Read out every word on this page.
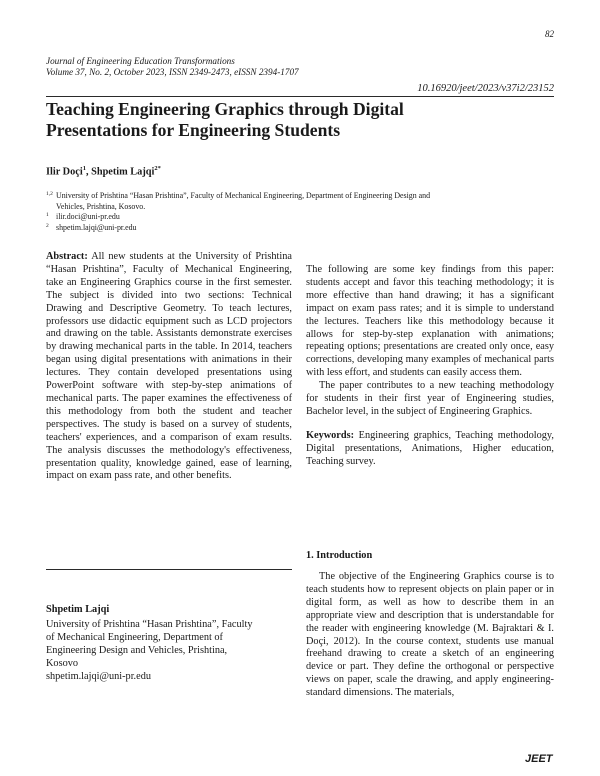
82
Journal of Engineering Education Transformations
Volume 37, No. 2, October 2023, ISSN 2349-2473, eISSN 2394-1707
10.16920/jeet/2023/v37i2/23152
Teaching Engineering Graphics through Digital
Presentations for Engineering Students
Ilir Doçi$^1$, Shpetim Lajqi$^{2*}$
1,2 University of Prishtina “Hasan Prishtina”, Faculty of Mechanical Engineering, Department of Engineering Design and
Vehicles, Prishtina, Kosovo.
1 ilir.doci@uni-pr.edu
2 shpetim.lajqi@uni-pr.edu

Abstract: All new students at the University of Prishtina “Hasan Prishtina”, Faculty of Mechanical Engineering, take an Engineering Graphics course in the first semester. The subject is divided into two sections: Technical Drawing and Descriptive Geometry. To teach lectures, professors use didactic equipment such as LCD projectors and drawing on the table. Assistants demonstrate exercises by drawing mechanical parts in the table. In 2014, teachers began using digital presentations with animations in their lectures. They contain developed presentations using PowerPoint software with step-by-step animations of mechanical parts. The paper examines the effectiveness of this methodology from both the student and teacher perspectives. The study is based on a survey of students, teachers' experiences, and a comparison of exam results. The analysis discusses the methodology's effectiveness, presentation quality, knowledge gained, ease of learning, impact on exam pass rate, and other benefits.

Shpetim Lajqi
University of Prishtina “Hasan Prishtina”, Faculty
of Mechanical Engineering, Department of
Engineering Design and Vehicles, Prishtina,
Kosovo
shpetim.lajqi@uni-pr.edu

The following are some key findings from this paper: students accept and favor this teaching methodology; it is more effective than hand drawing; it has a significant impact on exam pass rates; and it is simple to understand the lectures. Teachers like this methodology because it allows for step-by-step explanation with animations; repeating options; presentations are created only once, easy corrections, developing many examples of mechanical parts with less effort, and students can easily access them.

The paper contributes to a new teaching methodology for students in their first year of Engineering studies, Bachelor level, in the subject of Engineering Graphics.

Keywords: Engineering graphics, Teaching methodology, Digital presentations, Animations, Higher education, Teaching survey.

1. Introduction

The objective of the Engineering Graphics course is to teach students how to represent objects on plain paper or in digital form, as well as how to describe them in an appropriate view and description that is understandable for the reader with engineering knowledge (M. Bajraktari & I. Doçi, 2012). In the course context, students use manual freehand drawing to create a sketch of an engineering device or part. They define the orthogonal or perspective views on paper, scale the drawing, and apply engineering-standard dimensions. The materials,

JEET
